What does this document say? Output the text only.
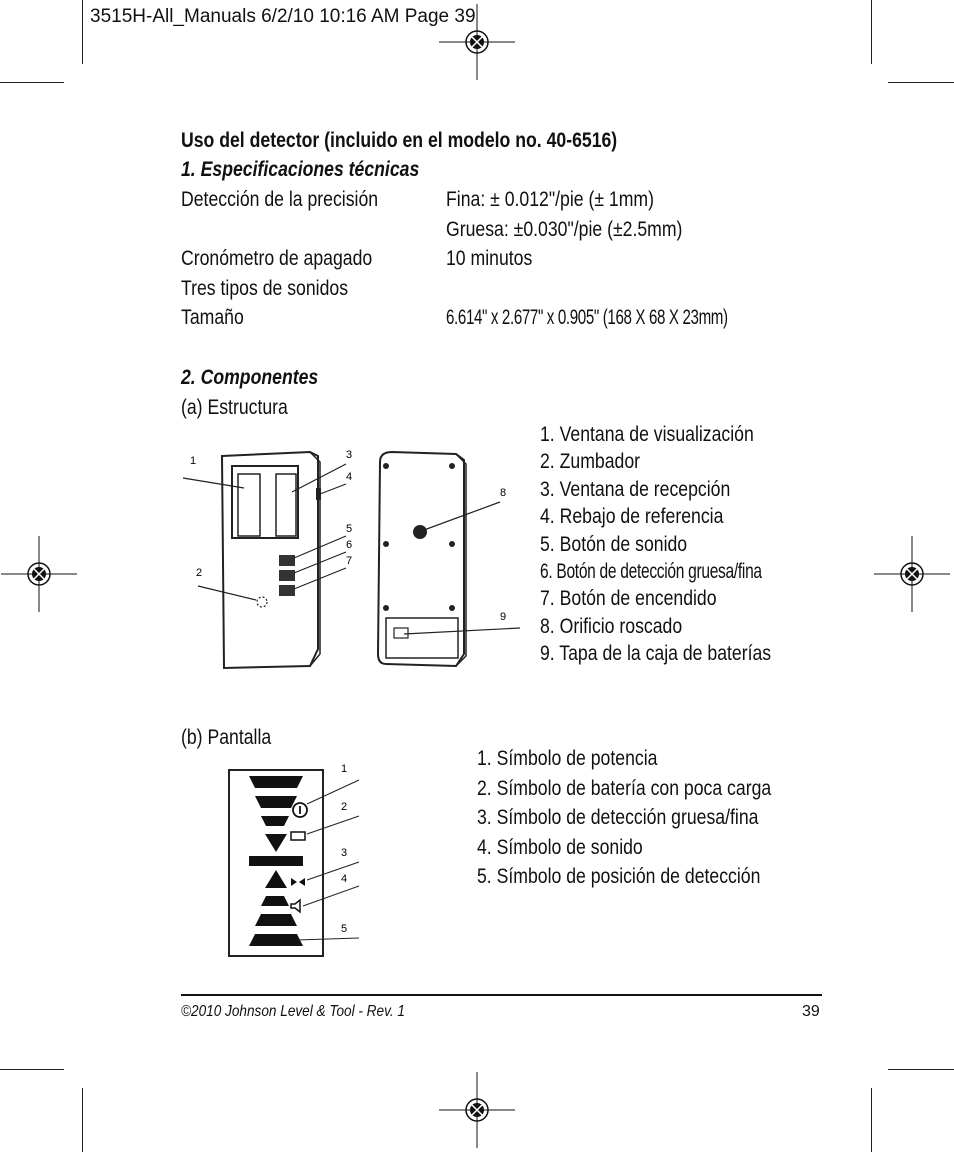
3515H-All_Manuals 6/2/10 10:16 AM Page 39
Uso del detector (incluido en el modelo no. 40-6516)
1. Especificaciones técnicas
Detección de la precisión	Fina: ± 0.012"/pie (± 1mm)
Gruesa: ±0.030"/pie (±2.5mm)
Cronómetro de apagado	10 minutos
Tres tipos de sonidos
Tamaño	6.614" x 2.677" x 0.905" (168 X 68 X 23mm)
2. Componentes
(a) Estructura
1
2
3
4
5
6
7
8
9
1. Ventana de visualización
2. Zumbador
3. Ventana de recepción
4. Rebajo de referencia
5. Botón de sonido
6. Botón de detección gruesa/fina
7. Botón de encendido
8. Orificio roscado
9. Tapa de la caja de baterías
(b) Pantalla
1
2
3
4
5
1. Símbolo de potencia
2. Símbolo de batería con poca carga
3. Símbolo de detección gruesa/fina
4. Símbolo de sonido
5. Símbolo de posición de detección
©2010 Johnson Level & Tool - Rev. 1	39
